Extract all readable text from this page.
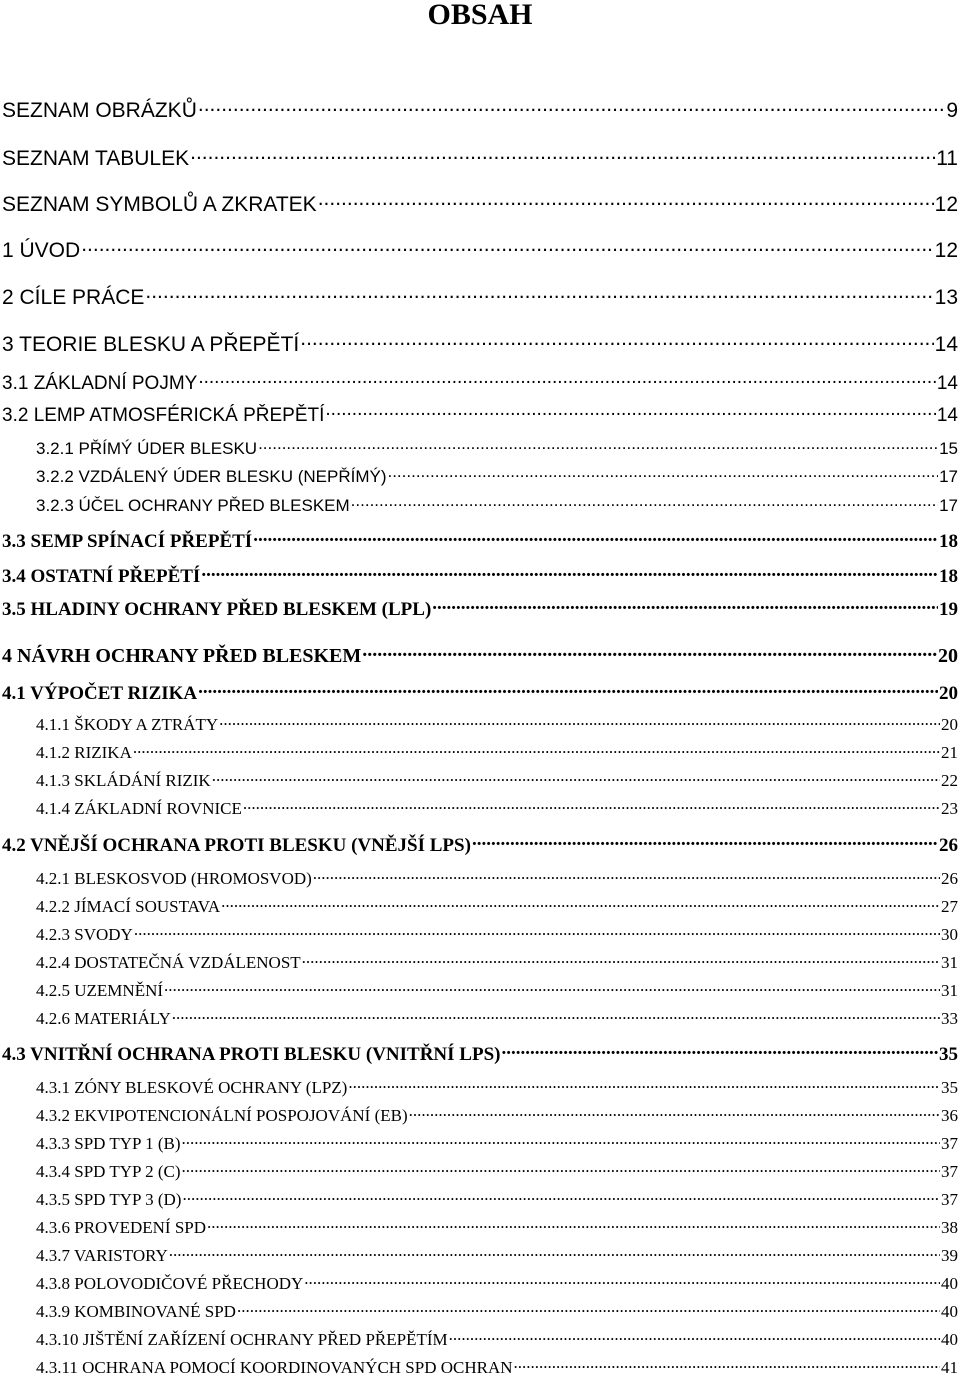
OBSAH
SEZNAM OBRÁZKŮ .....	9
SEZNAM TABULEK .....	11
SEZNAM SYMBOLŮ A ZKRATEK .....	12
1 ÚVOD .....	12
2 CÍLE PRÁCE .....	13
3 TEORIE BLESKU A PŘEPĚTÍ .....	14
3.1 ZÁKLADNÍ POJMY .....	14
3.2 LEMP ATMOSFÉRICKÁ PŘEPĚTÍ .....	14
3.2.1 PŘÍMÝ ÚDER BLESKU .....	15
3.2.2 VZDÁLENÝ ÚDER BLESKU (NEPŘÍMÝ) .....	17
3.2.3 ÚČEL OCHRANY PŘED BLESKEM .....	17
3.3 SEMP SPÍNACÍ PŘEPĚTÍ .....	18
3.4 OSTATNÍ PŘEPĚTÍ .....	18
3.5 HLADINY OCHRANY PŘED BLESKEM (LPL) .....	19
4 NÁVRH OCHRANY PŘED BLESKEM .....	20
4.1 VÝPOČET RIZIKA .....	20
4.1.1 ŠKODY A ZTRÁTY .....	20
4.1.2 RIZIKA .....	21
4.1.3 SKLÁDÁNÍ RIZIK .....	22
4.1.4 ZÁKLADNÍ ROVNICE .....	23
4.2 VNĚJŠÍ OCHRANA PROTI BLESKU (VNĚJŠÍ LPS) .....	26
4.2.1 BLESKOSVOD (HROMOSVOD) .....	26
4.2.2 JÍMACÍ SOUSTAVA .....	27
4.2.3 SVODY .....	30
4.2.4 DOSTATEČNÁ VZDÁLENOST .....	31
4.2.5 UZEMNĚNÍ .....	31
4.2.6 MATERIÁLY .....	33
4.3 VNITŘNÍ OCHRANA PROTI BLESKU (VNITŘNÍ LPS) .....	35
4.3.1 ZÓNY BLESKOVÉ OCHRANY (LPZ) .....	35
4.3.2 EKVIPOTENCIONÁLNÍ POSPOJOVÁNÍ (EB) .....	36
4.3.3 SPD TYP 1 (B) .....	37
4.3.4 SPD TYP 2 (C) .....	37
4.3.5 SPD TYP 3 (D) .....	37
4.3.6 PROVEDENÍ SPD .....	38
4.3.7 VARISTORY .....	39
4.3.8 POLOVODIČOVÉ PŘECHODY .....	40
4.3.9 KOMBINOVANÉ SPD .....	40
4.3.10 JIŠTĚNÍ ZAŘÍZENÍ OCHRANY PŘED PŘEPĚTÍM .....	40
4.3.11 OCHRANA POMOCÍ KOORDINOVANÝCH SPD OCHRAN .....	41
